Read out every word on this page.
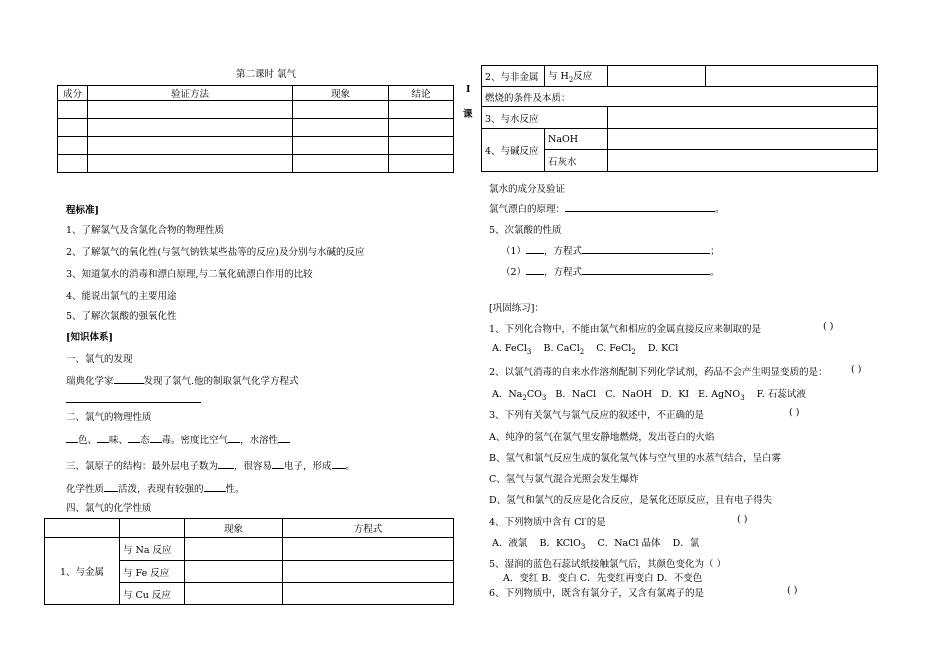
第二课时 氯气
成分	验证方法	现象	结论

				I
课
程标准]
1、了解氯气及含氯化合物的物理性质
2、了解氯气的氧化性(与氢气钠铁某些盐等的反应)及分别与水碱的反应
3、知道氯水的消毒和漂白原理,与二氧化硫漂白作用的比较
4、能说出氯气的主要用途
5、了解次氯酸的强氧化性
[知识体系]
一、氯气的发现
瑞典化学家	发现了氯气.他的制取氯气化学方程式
二、氯气的物理性质
色、 味、 态 毒。密度比空气 ，水溶性
三、氯原子的结构：最外层电子数为 ，很容易 电子，形成 。
化学性质 活泼，表现有较强的 性。
四、氯气的化学性质
		现象	方程式
1、与金属	与 Na 反应		
	与 Fe 反应		
	与 Cu 反应		
2、与非金属	与 $H_2$反应		
燃烧的条件及本质：			
3、与水反应			
4、与碱反应	NaOH		
	石灰水		
氯水的成分及验证
氯气漂白的原理：	。
5、次氯酸的性质
（1） ，方程式	；
（2） ，方程式	。
[巩固练习]：
1、下列化合物中，不能由氯气和相应的金属直接反应来制取的是	( )
A. FeCl$_3$ B. CaCl$_2$ C. FeCl$_2$ D. KCl
2、以氯气消毒的自来水作溶剂配制下列化学试剂，药品不会产生明显变质的是： ( )
A．$Na_2CO_3$ B．NaCl C．NaOH D．KI E. AgNO$_3$ F. 石蕊试液
3、下列有关氯气与氯气反应的叙述中，不正确的是	( )
A、纯净的氢气在氯气里安静地燃烧，发出苍白的火焰
B、氢气和氯气反应生成的氯化氢气体与空气里的水蒸气结合，呈白雾
C、氢气与氯气混合光照会发生爆炸
D、氢气和氯气的反应是化合反应，是氧化还原反应，且有电子得失
4、下列物质中含有 Cl-的是	( )
A．液氯 B．KClO$_3$ C．NaCl 晶体 D．氯
5、湿润的蓝色石蕊试纸接触氯气后，其颜色变化为（ ）
A．变红 B．变白 C．先变红再变白 D．不变色
6、下列物质中，既含有氯分子，又含有氯离子的是	( )
